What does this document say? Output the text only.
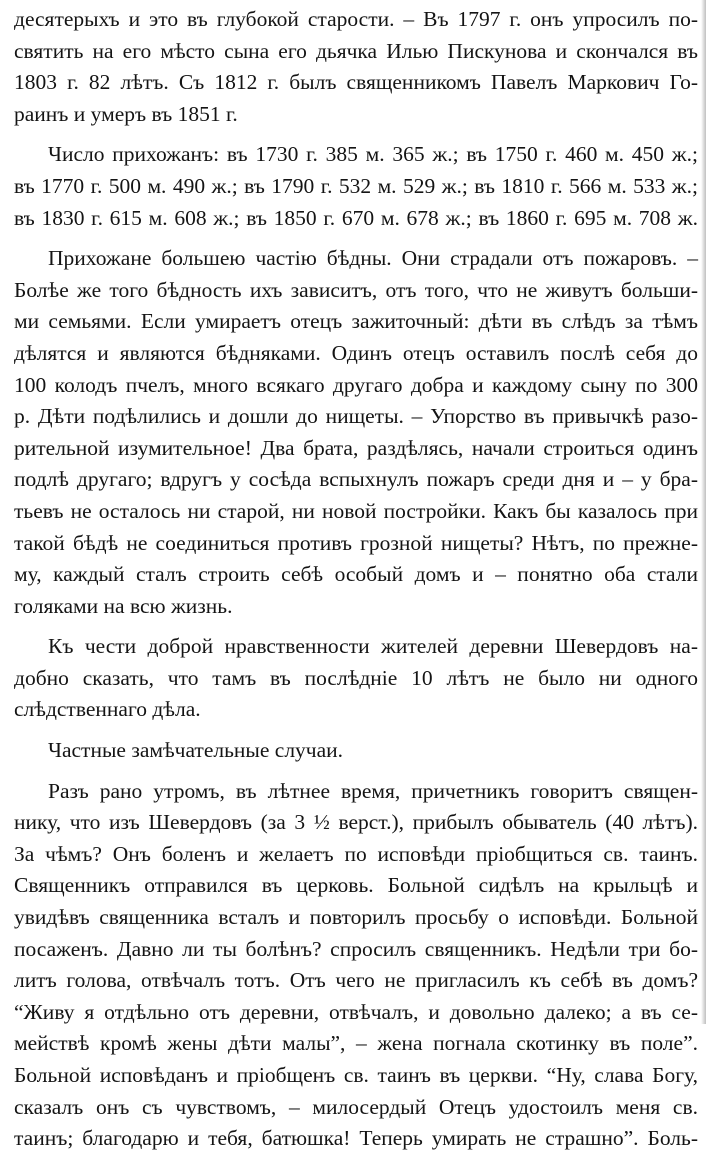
десятерыхъ и это въ глубокой старости. – Въ 1797 г. онъ упросилъ по-
святить на его мѣсто сына его дьячка Илью Пискунова и скончался въ
1803 г. 82 лѣтъ. Съ 1812 г. былъ священникомъ Павелъ Маркович Го-
раинъ и умеръ въ 1851 г.
Число прихожанъ: въ 1730 г. 385 м. 365 ж.; въ 1750 г. 460 м. 450 ж.;
въ 1770 г. 500 м. 490 ж.; въ 1790 г. 532 м. 529 ж.; въ 1810 г. 566 м. 533 ж.;
въ 1830 г. 615 м. 608 ж.; въ 1850 г. 670 м. 678 ж.; въ 1860 г. 695 м. 708 ж.
Прихожане большею частію бѣдны. Они страдали отъ пожаровъ. –
Болѣе же того бѣдность ихъ зависитъ, отъ того, что не живутъ больши-
ми семьями. Если умираетъ отецъ зажиточный: дѣти въ слѣдъ за тѣмъ
дѣлятся и являются бѣдняками. Одинъ отецъ оставилъ послѣ себя до
100 колодъ пчелъ, много всякаго другаго добра и каждому сыну по 300
р. Дѣти подѣлились и дошли до нищеты. – Упорство въ привычкѣ разо-
рительной изумительное! Два брата, раздѣлясь, начали строиться одинъ
подлѣ другаго; вдругъ у сосѣда вспыхнулъ пожаръ среди дня и – у бра-
тьевъ не осталось ни старой, ни новой постройки. Какъ бы казалось при
такой бѣдѣ не соединиться противъ грозной нищеты? Нѣтъ, по прежне-
му, каждый сталъ строить себѣ особый домъ и – понятно оба стали
голяками на всю жизнь.
Къ чести доброй нравственности жителей деревни Шевердовъ на-
добно сказать, что тамъ въ послѣдніе 10 лѣтъ не было ни одного
слѣдственнаго дѣла.
Частные замѣчательные случаи.
Разъ рано утромъ, въ лѣтнее время, причетникъ говоритъ священ-
нику, что изъ Шевердовъ (за 3 ½ верст.), прибылъ обыватель (40 лѣтъ).
За чѣмъ? Онъ боленъ и желаетъ по исповѣди пріобщиться св. таинъ.
Священникъ отправился въ церковь. Больной сидѣлъ на крыльцѣ и
увидѣвъ священника всталъ и повторилъ просьбу о исповѣди. Больной
посаженъ. Давно ли ты болѣнъ? спросилъ священникъ. Недѣли три бо-
литъ голова, отвѣчалъ тотъ. Отъ чего не пригласилъ къ себѣ въ домъ?
“Живу я отдѣльно отъ деревни, отвѣчалъ, и довольно далеко; а въ се-
мействѣ кромѣ жены дѣти малы”, – жена погнала скотинку въ поле”.
Больной исповѣданъ и пріобщенъ св. таинъ въ церкви. “Ну, слава Богу,
сказалъ онъ съ чувствомъ, – милосердый Отецъ удостоилъ меня св.
таинъ; благодарю и тебя, батюшка! Теперь умирать не страшно”. Боль-
